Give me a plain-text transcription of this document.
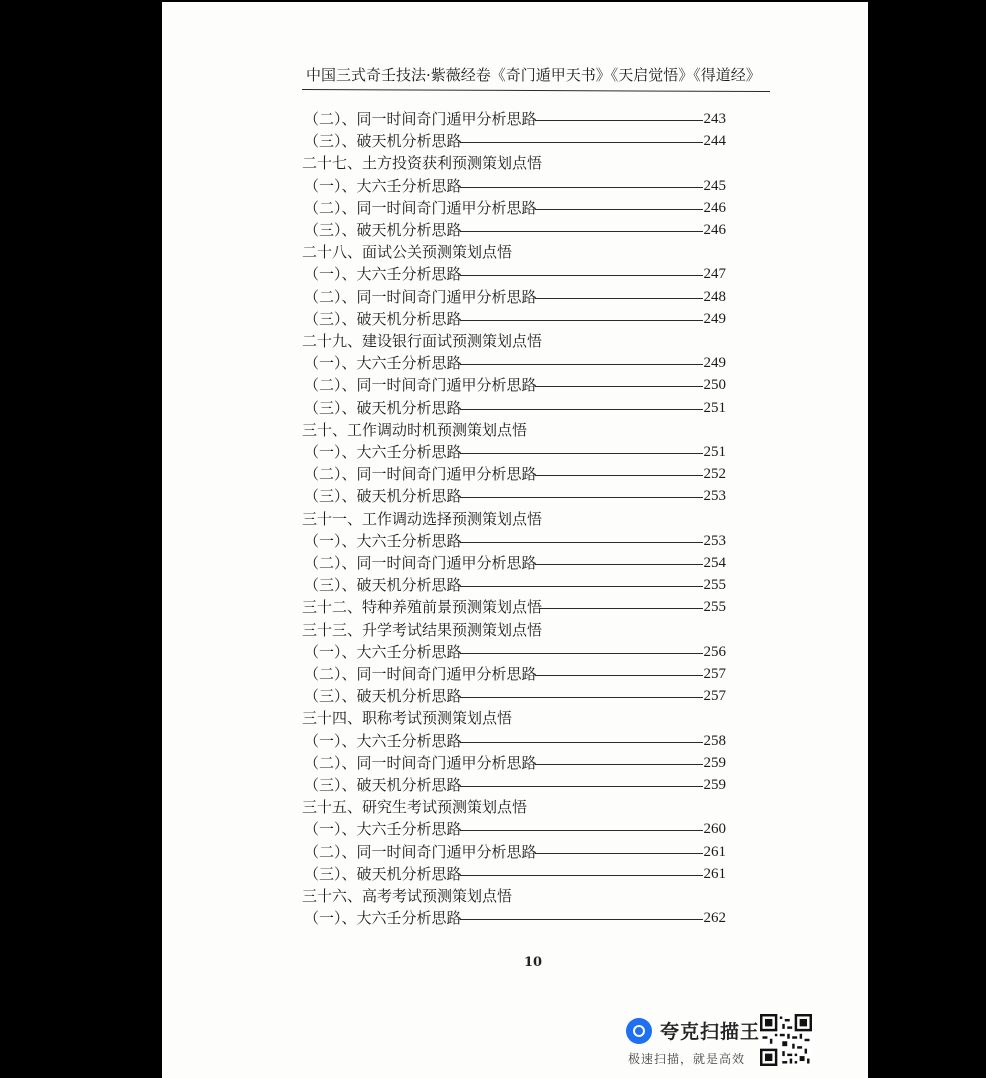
中国三式奇壬技法·紫薇经卷《奇门遁甲天书》《天启觉悟》《得道经》
（二）、同一时间奇门遁甲分析思路	243
（三）、破天机分析思路	244
二十七、土方投资获利预测策划点悟
（一）、大六壬分析思路	245
（二）、同一时间奇门遁甲分析思路	246
（三）、破天机分析思路	246
二十八、面试公关预测策划点悟
（一）、大六壬分析思路	247
（二）、同一时间奇门遁甲分析思路	248
（三）、破天机分析思路	249
二十九、建设银行面试预测策划点悟
（一）、大六壬分析思路	249
（二）、同一时间奇门遁甲分析思路	250
（三）、破天机分析思路	251
三十、工作调动时机预测策划点悟
（一）、大六壬分析思路	251
（二）、同一时间奇门遁甲分析思路	252
（三）、破天机分析思路	253
三十一、工作调动选择预测策划点悟
（一）、大六壬分析思路	253
（二）、同一时间奇门遁甲分析思路	254
（三）、破天机分析思路	255
三十二、特种养殖前景预测策划点悟	255
三十三、升学考试结果预测策划点悟
（一）、大六壬分析思路	256
（二）、同一时间奇门遁甲分析思路	257
（三）、破天机分析思路	257
三十四、职称考试预测策划点悟
（一）、大六壬分析思路	258
（二）、同一时间奇门遁甲分析思路	259
（三）、破天机分析思路	259
三十五、研究生考试预测策划点悟
（一）、大六壬分析思路	260
（二）、同一时间奇门遁甲分析思路	261
（三）、破天机分析思路	261
三十六、高考考试预测策划点悟
（一）、大六壬分析思路	262
10
夸克扫描王
极速扫描，就是高效
